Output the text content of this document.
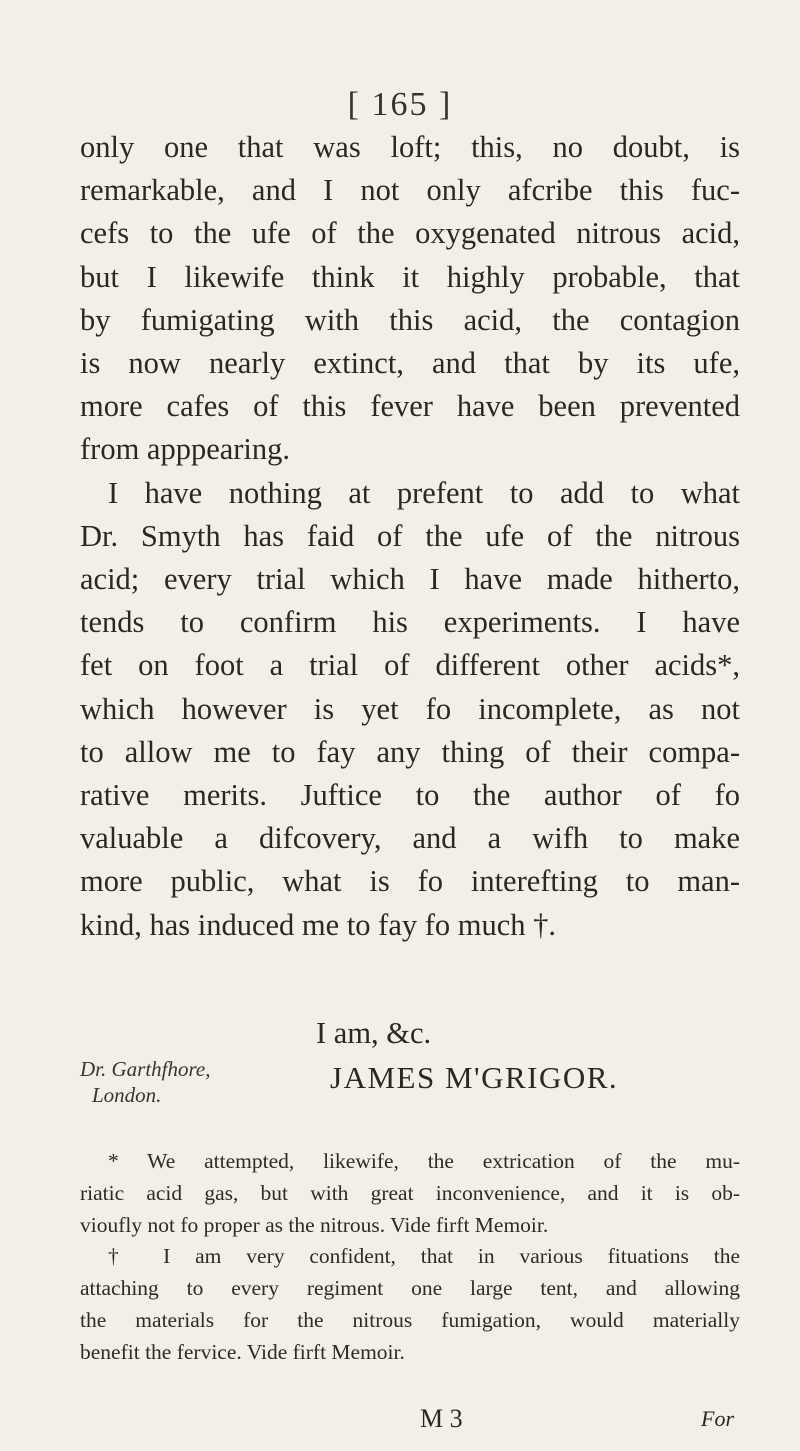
[ 165 ]
only one that was loft; this, no doubt, is
remarkable, and I not only afcribe this fuc-
cefs to the ufe of the oxygenated nitrous acid,
but I likewife think it highly probable, that
by fumigating with this acid, the contagion
is now nearly extinct, and that by its ufe,
more cafes of this fever have been prevented
from apppearing.
I have nothing at prefent to add to what
Dr. Smyth has faid of the ufe of the nitrous
acid; every trial which I have made hitherto,
tends to confirm his experiments. I have
fet on foot a trial of different other acids*,
which however is yet fo incomplete, as not
to allow me to fay any thing of their compa-
rative merits. Juftice to the author of fo
valuable a difcovery, and a wifh to make
more public, what is fo interefting to man-
kind, has induced me to fay fo much †.
I am, &c.
Dr. Garthfhore,
London.	JAMES M'GRIGOR.
* We attempted, likewife, the extrication of the mu-
riatic acid gas, but with great inconvenience, and it is ob-
vioufly not fo proper as the nitrous. Vide firft Memoir.
† I am very confident, that in various fituations the
attaching to every regiment one large tent, and allowing
the materials for the nitrous fumigation, would materially
benefit the fervice. Vide firft Memoir.
M 3	For
